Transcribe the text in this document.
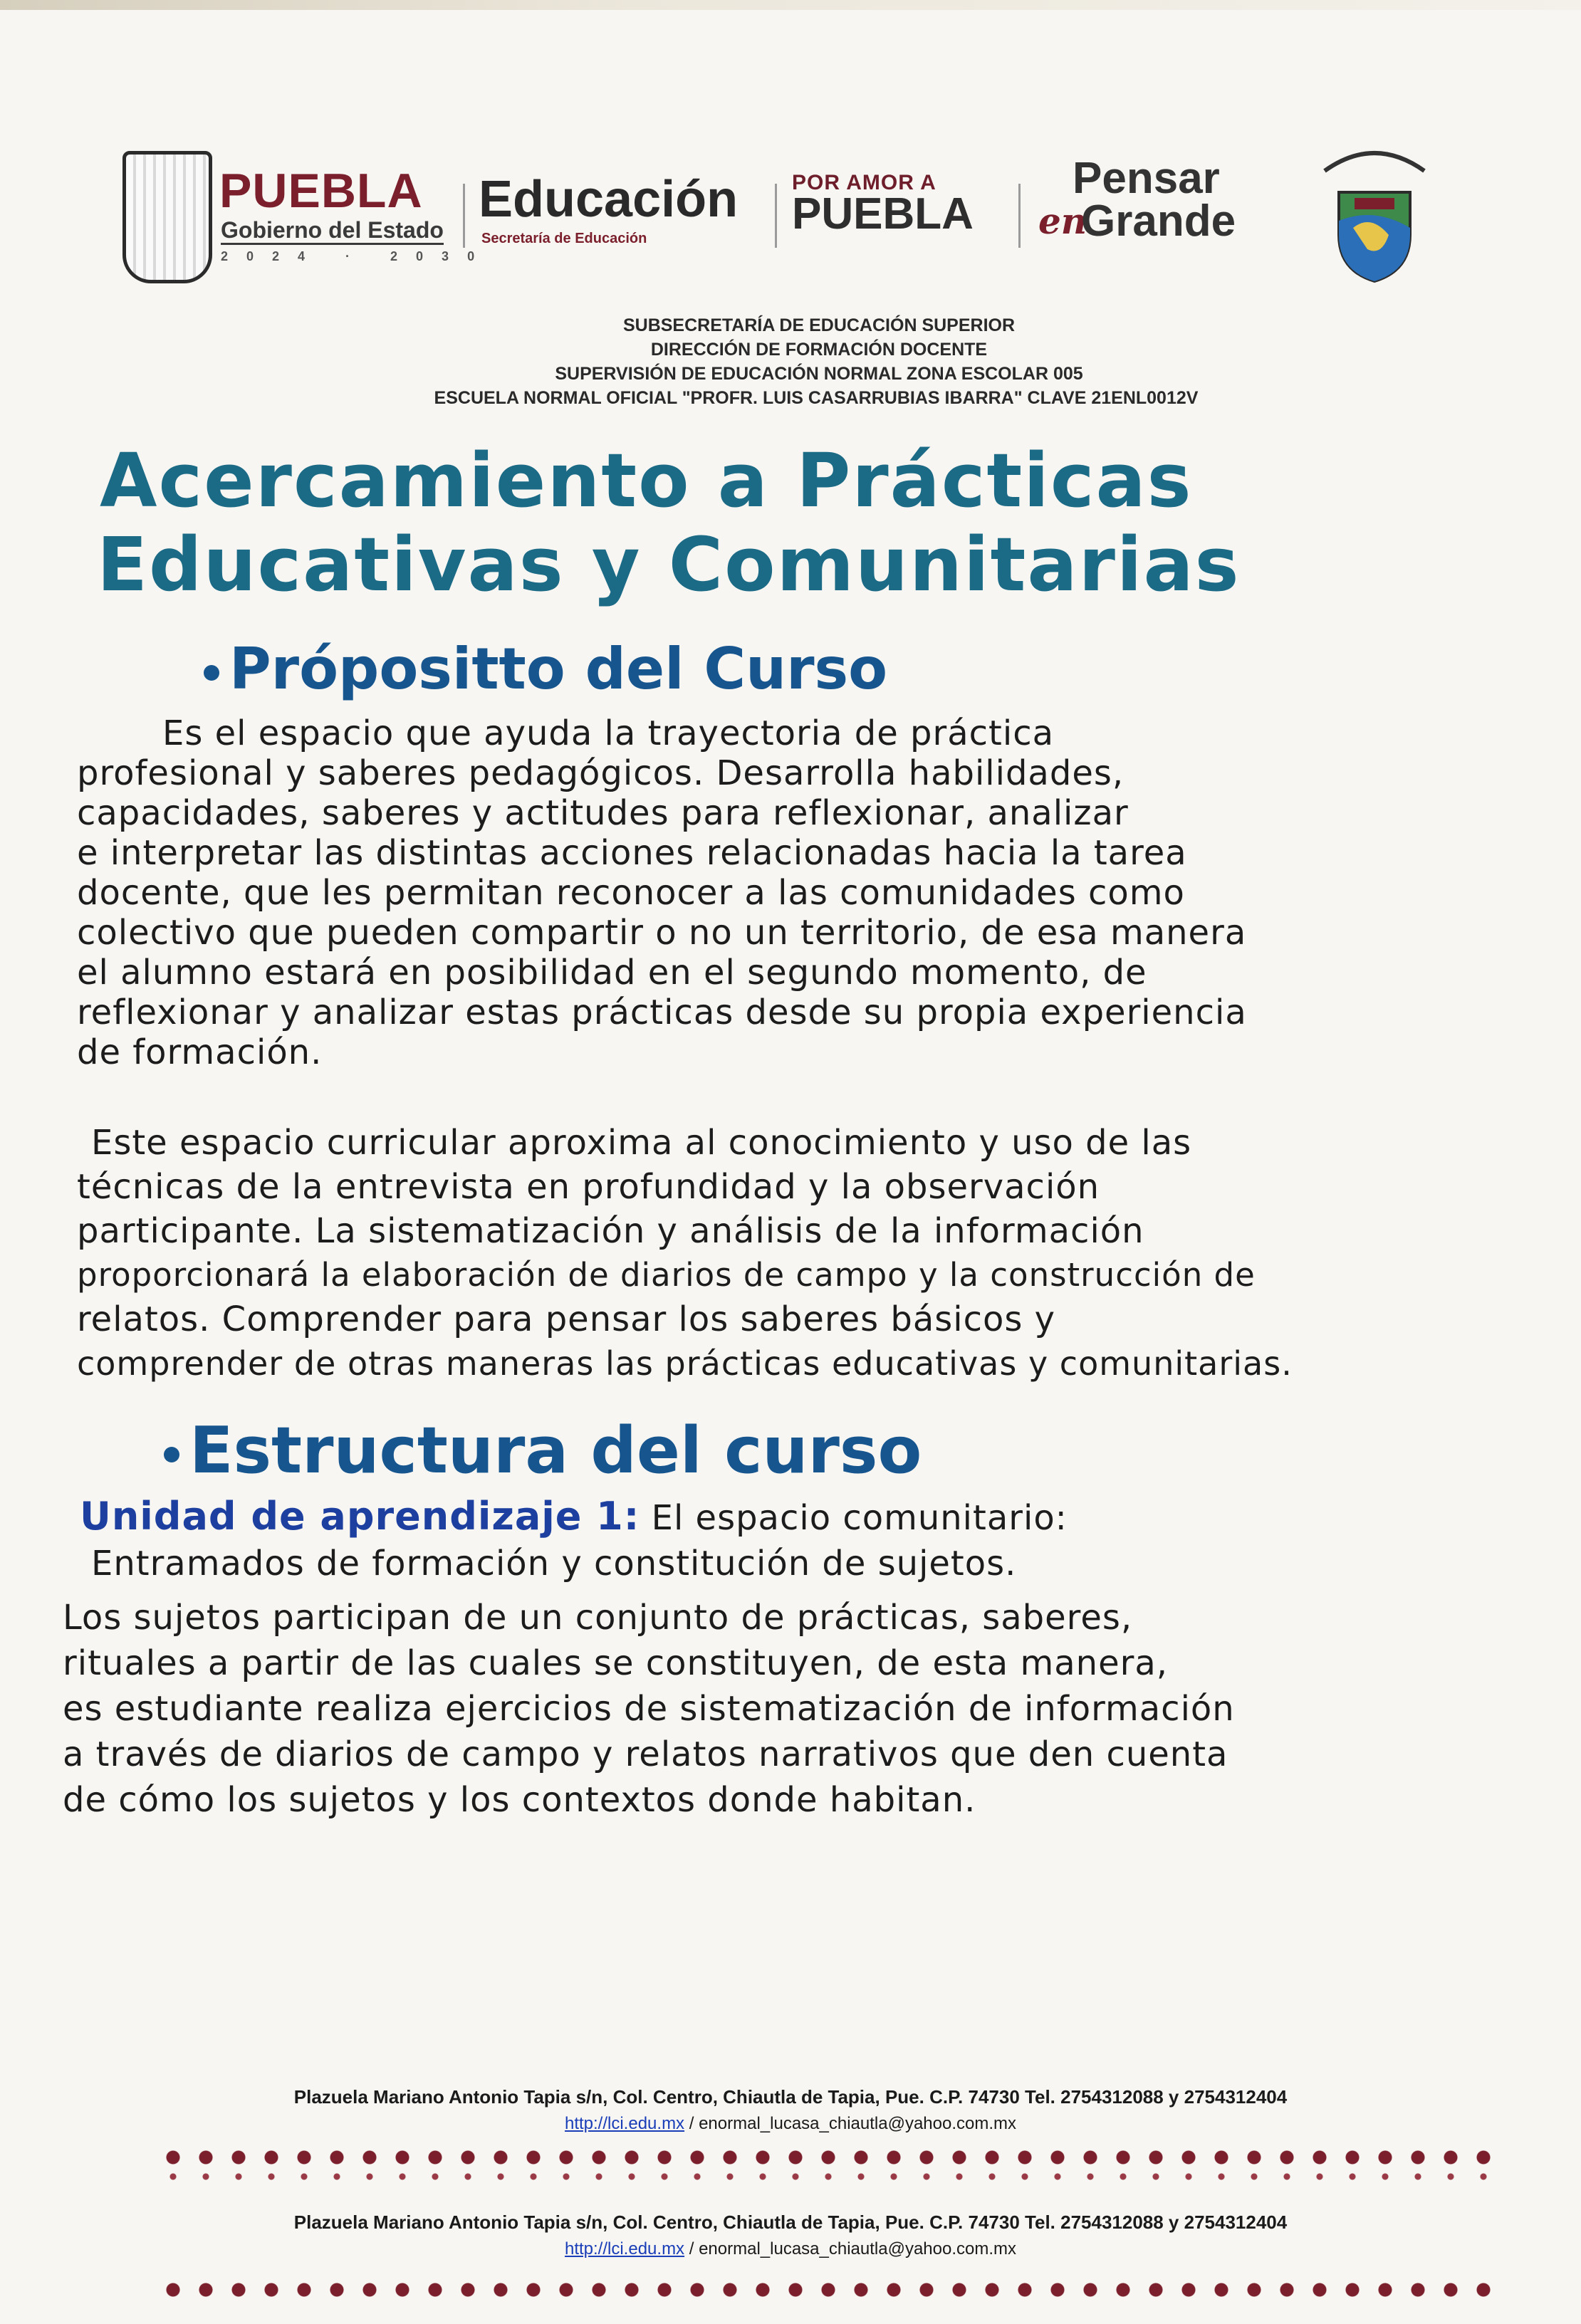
PUEBLA
Gobierno del Estado
2024 · 2030
Educación
Secretaría de Educación
POR AMOR A
PUEBLA
Pensar
en
Grande
SUBSECRETARÍA DE EDUCACIÓN SUPERIOR
DIRECCIÓN DE FORMACIÓN DOCENTE
SUPERVISIÓN DE EDUCACIÓN NORMAL ZONA ESCOLAR 005
ESCUELA NORMAL OFICIAL "PROFR. LUIS CASARRUBIAS IBARRA" CLAVE 21ENL0012V
Acercamiento a Prácticas
Educativas y Comunitarias
Própositto del Curso

Es el espacio que ayuda la trayectoria de práctica

profesional y saberes pedagógicos. Desarrolla habilidades,

capacidades, saberes y actitudes para reflexionar, analizar

e interpretar las distintas acciones relacionadas hacia la tarea

docente, que les permitan reconocer a las comunidades como

colectivo que pueden compartir o no un territorio, de esa manera

el alumno estará en posibilidad en el segundo momento, de

reflexionar y analizar estas prácticas desde su propia experiencia

de formación.

Este espacio curricular aproxima al conocimiento y uso de las

técnicas de la entrevista en profundidad y la observación

participante. La sistematización y análisis de la información

proporcionará la elaboración de diarios de campo y la construcción de

relatos. Comprender para pensar los saberes básicos y

comprender de otras maneras las prácticas educativas y comunitarias.

Estructura del curso

Unidad de aprendizaje 1: El espacio comunitario:

Entramados de formación y constitución de sujetos.

Los sujetos participan de un conjunto de prácticas, saberes,

rituales a partir de las cuales se constituyen, de esta manera,

es estudiante realiza ejercicios de sistematización de información

a través de diarios de campo y relatos narrativos que den cuenta

de cómo los sujetos y los contextos donde habitan.

Plazuela Mariano Antonio Tapia s/n, Col. Centro, Chiautla de Tapia, Pue. C.P. 74730 Tel. 2754312088 y 2754312404
http://lci.edu.mx / enormal_lucasa_chiautla@yahoo.com.mx
Plazuela Mariano Antonio Tapia s/n, Col. Centro, Chiautla de Tapia, Pue. C.P. 74730 Tel. 2754312088 y 2754312404
http://lci.edu.mx / enormal_lucasa_chiautla@yahoo.com.mx
